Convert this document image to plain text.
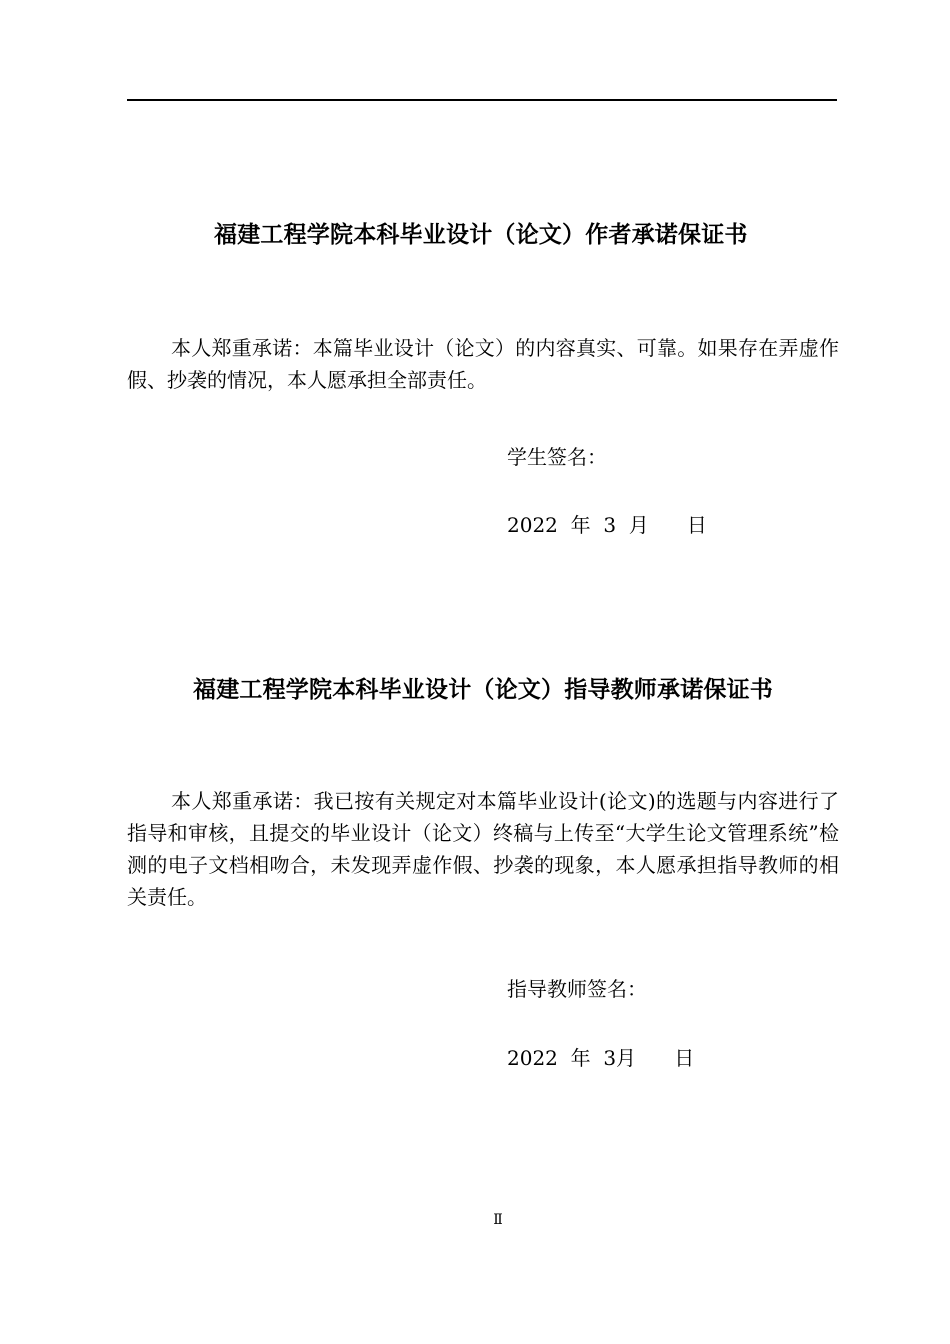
福建工程学院本科毕业设计（论文）作者承诺保证书
本人郑重承诺：本篇毕业设计（论文）的内容真实、可靠。如果存在弄虚作假、抄袭的情况，本人愿承担全部责任。
学生签名：
2022  年  3  月      日
福建工程学院本科毕业设计（论文）指导教师承诺保证书
本人郑重承诺：我已按有关规定对本篇毕业设计(论文)的选题与内容进行了指导和审核，且提交的毕业设计（论文）终稿与上传至“大学生论文管理系统”检测的电子文档相吻合，未发现弄虚作假、抄袭的现象，本人愿承担指导教师的相关责任。
指导教师签名：
2022  年  3月      日
Ⅱ
